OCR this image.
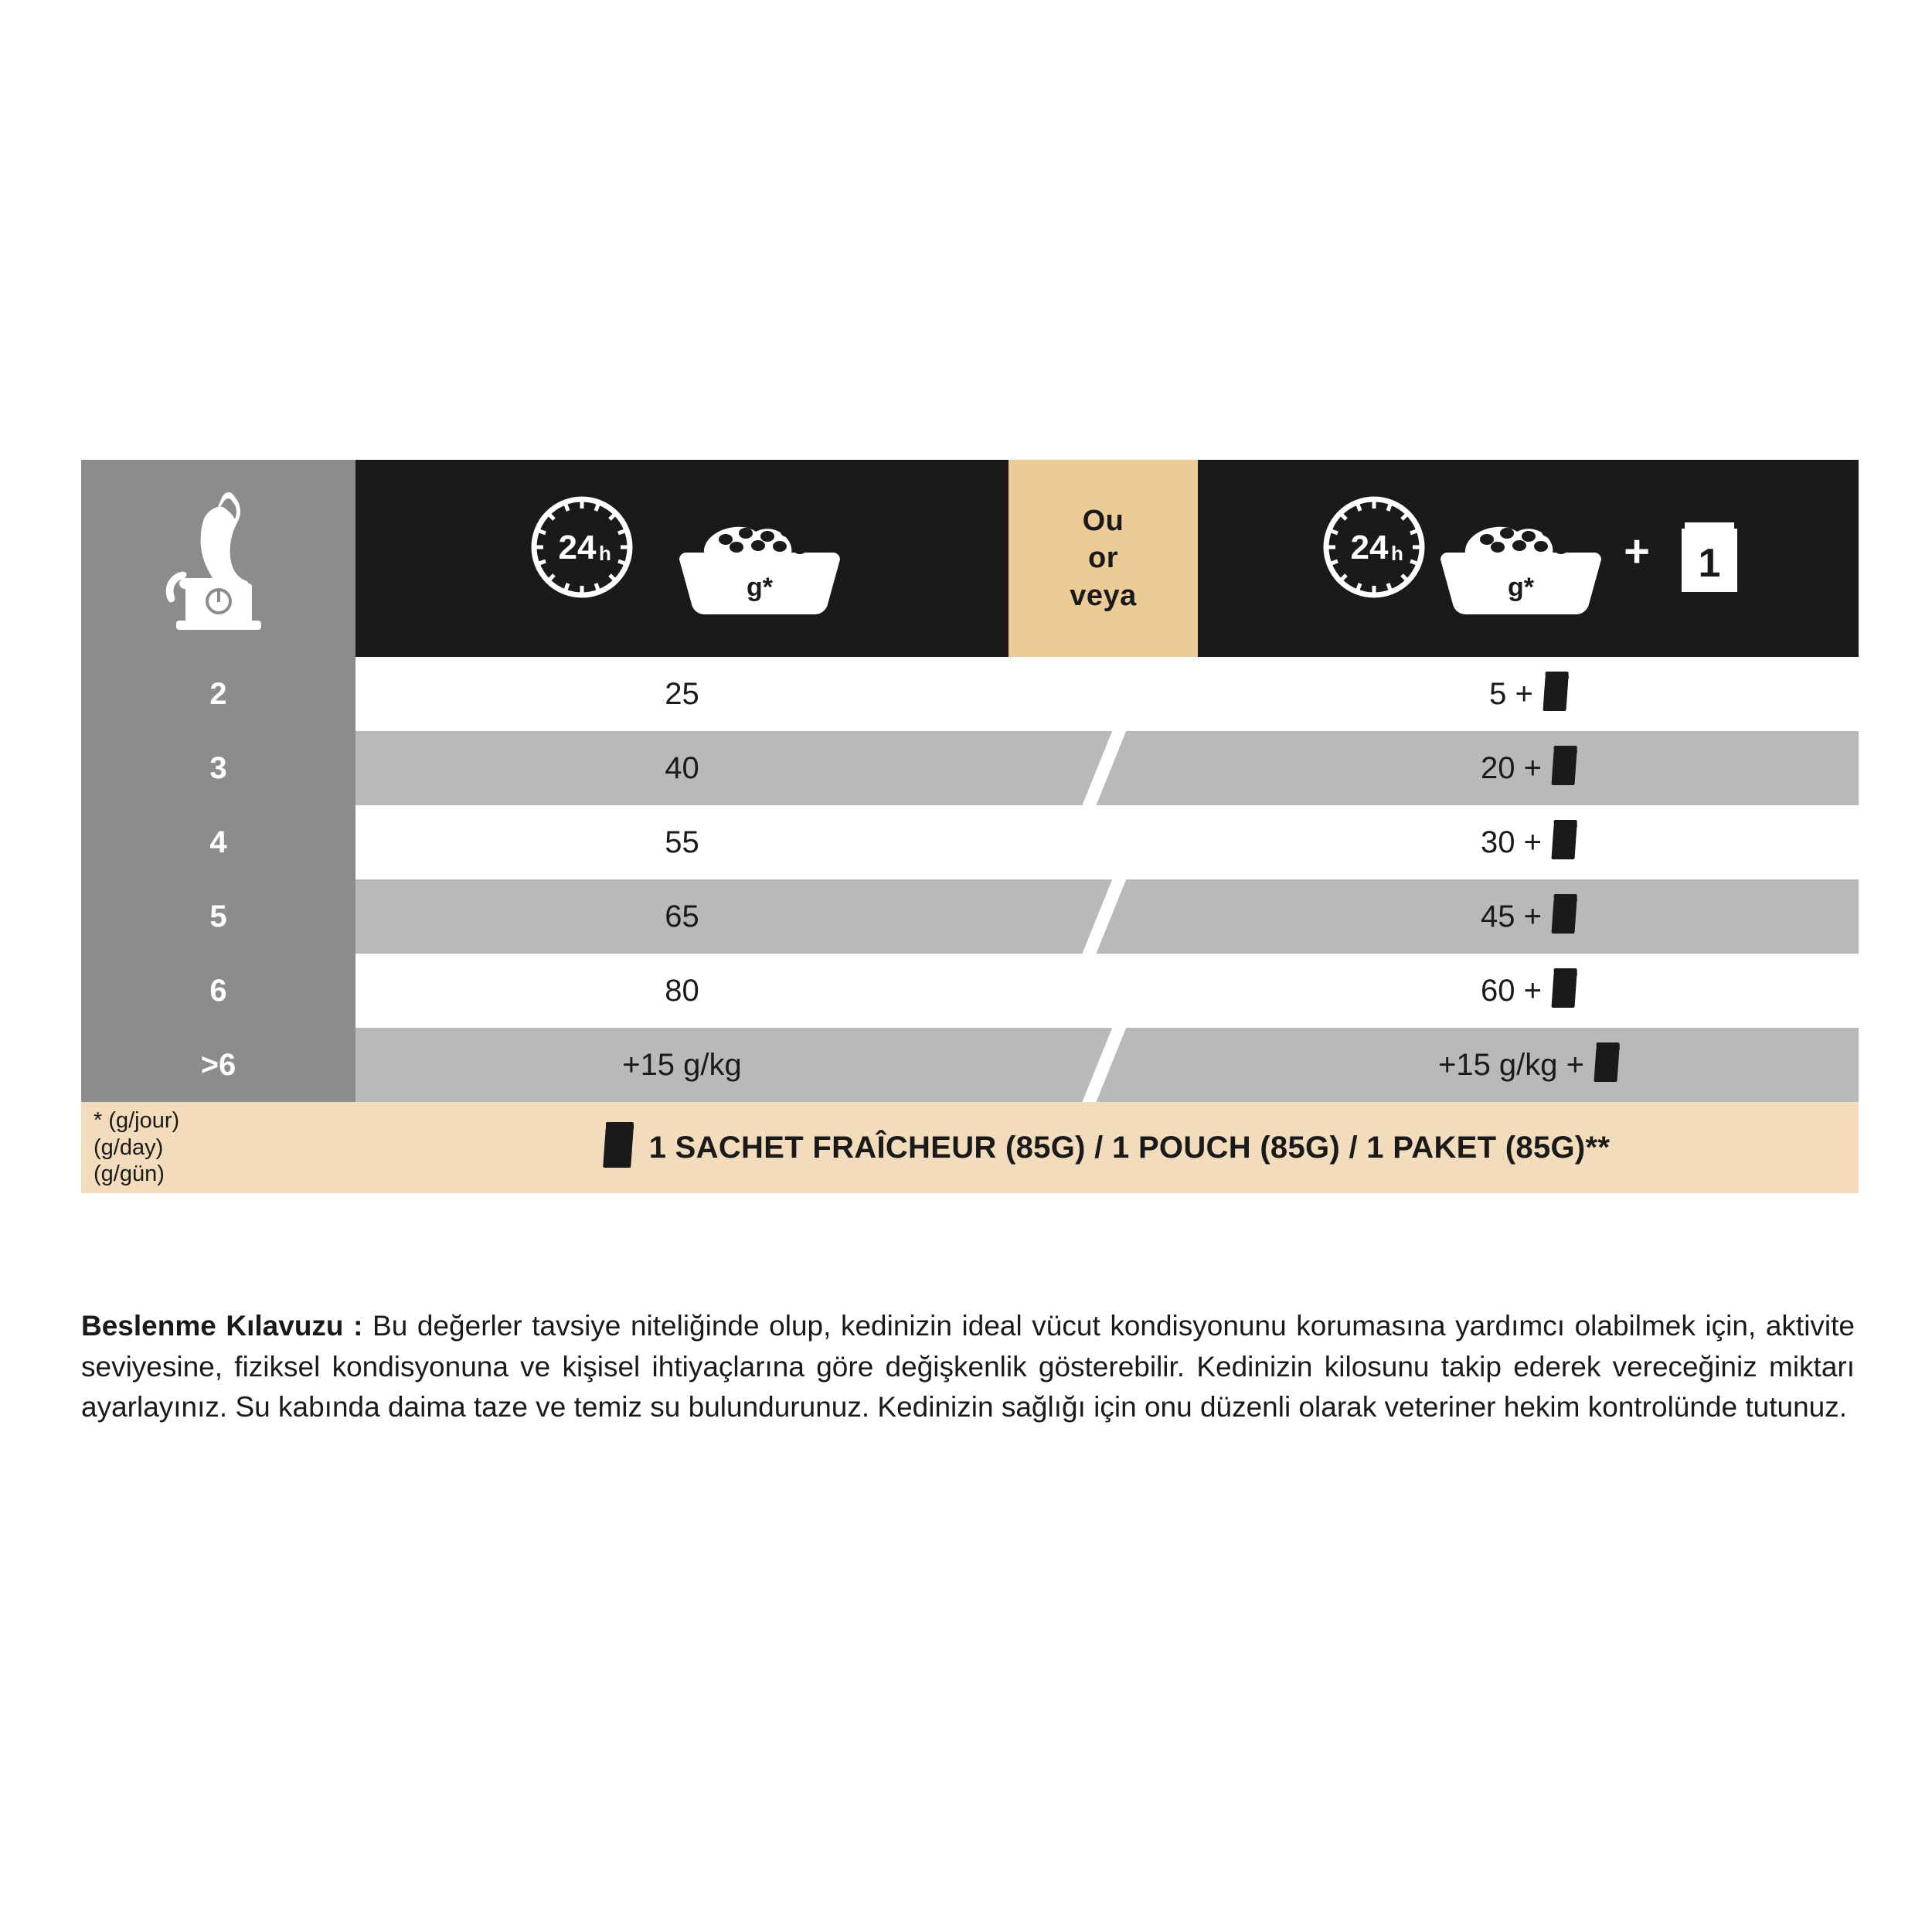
24 h
g*
Ou
or
veya
24 h
g*
+ 1
2	25	5 +
3	40	20 +
4	55	30 +
5	65	45 +
6	80	60 +
>6	+15 g/kg	+15 g/kg +
* (g/jour)
(g/day)
(g/gün)
1 SACHET FRAÎCHEUR (85G) / 1 POUCH (85G) / 1 PAKET (85G)**
Beslenme Kılavuzu : Bu değerler tavsiye niteliğinde olup, kedinizin ideal vücut kondisyonunu korumasına yardımcı olabilmek için, aktivite seviyesine, fiziksel kondisyonuna ve kişisel ihtiyaçlarına göre değişkenlik gösterebilir. Kedinizin kilosunu takip ederek vereceğiniz miktarı ayarlayınız. Su kabında daima taze ve temiz su bulundurunuz. Kedinizin sağlığı için onu düzenli olarak veteriner hekim kontrolünde tutunuz.
